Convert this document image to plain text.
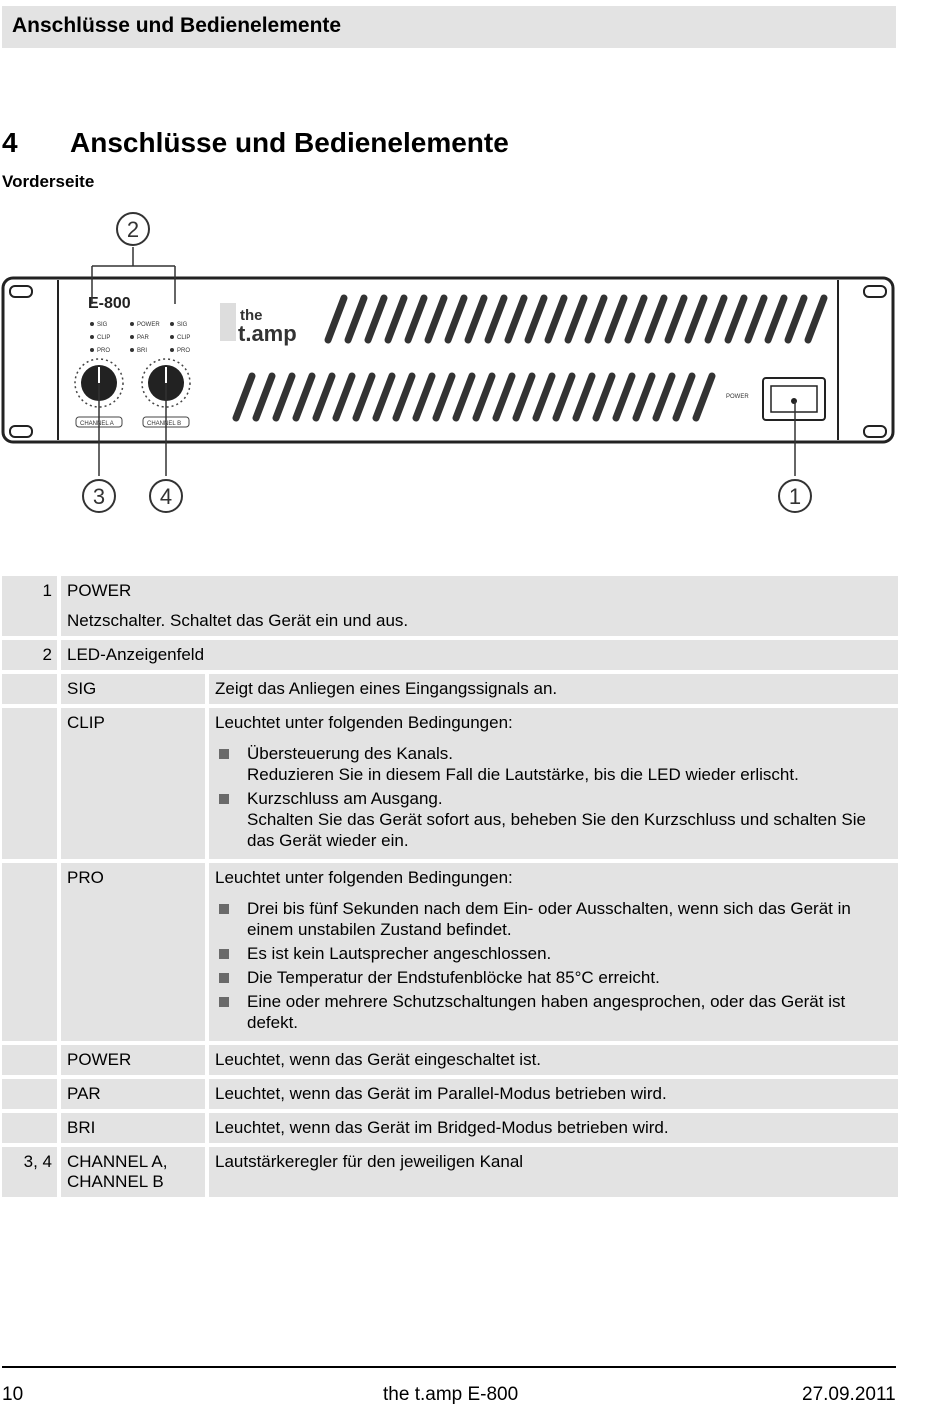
Anschlüsse und Bedienelemente
4 Anschlüsse und Bedienelemente
Vorderseite
E-800
SIG	POWER	SIG
CLIP	PAR	CLIP
PRO	BRI	PRO
CHANNEL A	CHANNEL B
the
t.amp
POWER
2
3 4	1
1 POWER
Netzschalter. Schaltet das Gerät ein und aus.
2 LED-Anzeigenfeld
SIG	Zeigt das Anliegen eines Eingangssignals an.
CLIP	Leuchtet unter folgenden Bedingungen:
Übersteuerung des Kanals.
Reduzieren Sie in diesem Fall die Lautstärke, bis die LED wieder erlischt.
Kurzschluss am Ausgang.
Schalten Sie das Gerät sofort aus, beheben Sie den Kurzschluss und schalten Sie das Gerät wieder ein.
PRO	Leuchtet unter folgenden Bedingungen:
Drei bis fünf Sekunden nach dem Ein- oder Ausschalten, wenn sich das Gerät in einem unstabilen Zustand befindet.
Es ist kein Lautsprecher angeschlossen.
Die Temperatur der Endstufenblöcke hat 85°C erreicht.
Eine oder mehrere Schutzschaltungen haben angesprochen, oder das Gerät ist defekt.
POWER	Leuchtet, wenn das Gerät eingeschaltet ist.
PAR	Leuchtet, wenn das Gerät im Parallel-Modus betrieben wird.
BRI	Leuchtet, wenn das Gerät im Bridged-Modus betrieben wird.
3, 4 CHANNEL A,
CHANNEL B
Lautstärkeregler für den jeweiligen Kanal
10	the t.amp E-800	27.09.2011
